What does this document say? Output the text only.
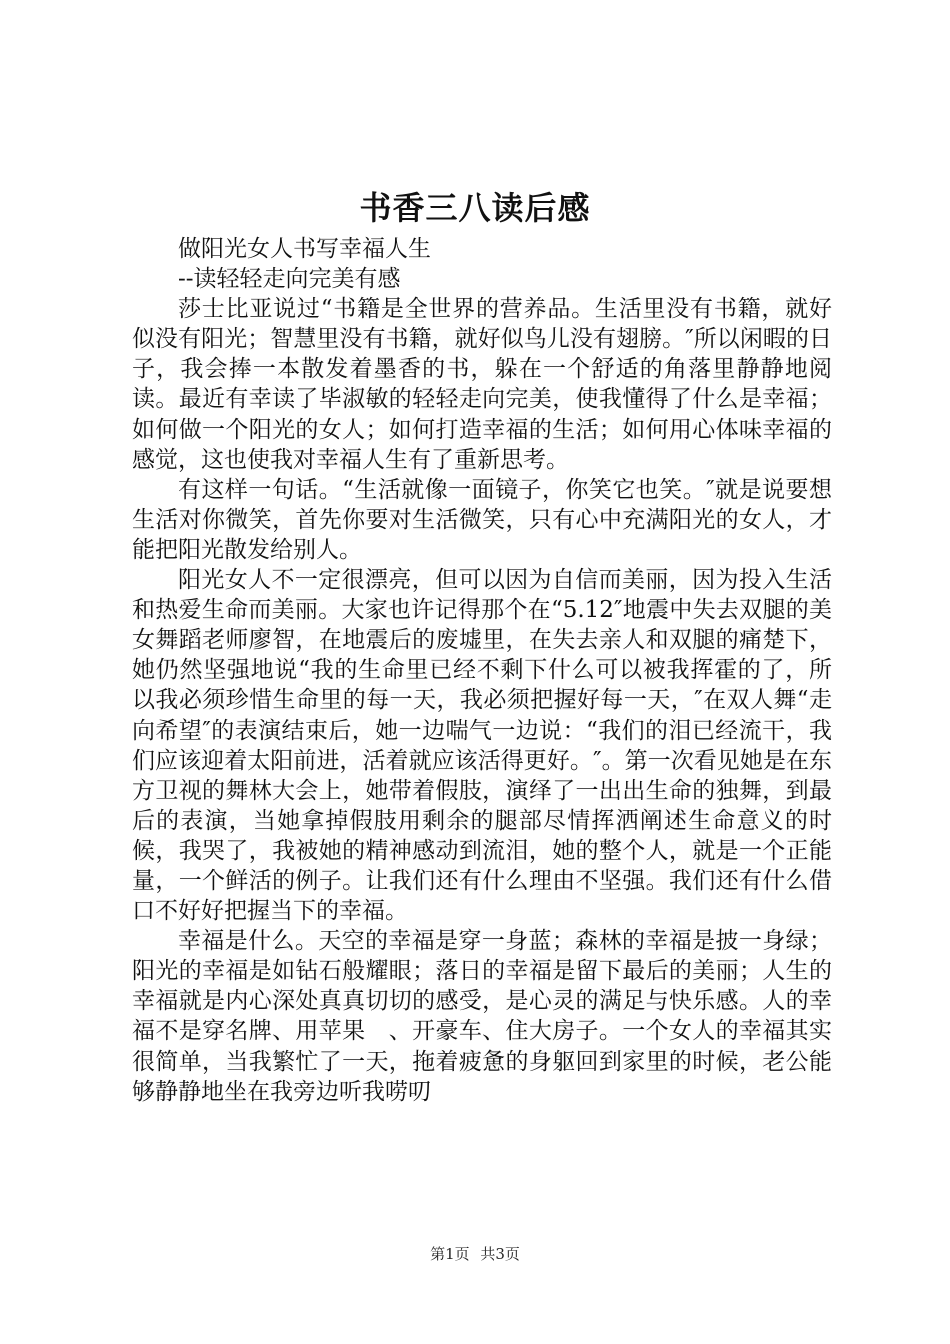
书香三八读后感
做阳光女人书写幸福人生
--读轻轻走向完美有感

莎士比亚说过“书籍是全世界的营养品。生活里没有书籍，就好似没有阳光；智慧里没有书籍，就好似鸟儿没有翅膀。″所以闲暇的日子，我会捧一本散发着墨香的书，躲在一个舒适的角落里静静地阅读。最近有幸读了毕淑敏的轻轻走向完美，使我懂得了什么是幸福；如何做一个阳光的女人；如何打造幸福的生活；如何用心体味幸福的感觉，这也使我对幸福人生有了重新思考。

有这样一句话。“生活就像一面镜子，你笑它也笑。″就是说要想生活对你微笑，首先你要对生活微笑，只有心中充满阳光的女人，才能把阳光散发给别人。

阳光女人不一定很漂亮，但可以因为自信而美丽，因为投入生活和热爱生命而美丽。大家也许记得那个在“5.12″地震中失去双腿的美女舞蹈老师廖智，在地震后的废墟里，在失去亲人和双腿的痛楚下，她仍然坚强地说“我的生命里已经不剩下什么可以被我挥霍的了，所以我必须珍惜生命里的每一天，我必须把握好每一天，″在双人舞“走向希望″的表演结束后，她一边喘气一边说：“我们的泪已经流干，我们应该迎着太阳前进，活着就应该活得更好。″。第一次看见她是在东方卫视的舞林大会上，她带着假肢，演绎了一出出生命的独舞，到最后的表演，当她拿掉假肢用剩余的腿部尽情挥洒阐述生命意义的时候，我哭了，我被她的精神感动到流泪，她的整个人，就是一个正能量，一个鲜活的例子。让我们还有什么理由不坚强。我们还有什么借口不好好把握当下的幸福。

幸福是什么。天空的幸福是穿一身蓝；森林的幸福是披一身绿；阳光的幸福是如钻石般耀眼；落日的幸福是留下最后的美丽；人生的幸福就是内心深处真真切切的感受，是心灵的满足与快乐感。人的幸福不是穿名牌、用苹果　、开豪车、住大房子。一个女人的幸福其实很简单，当我繁忙了一天，拖着疲惫的身躯回到家里的时候，老公能够静静地坐在我旁边听我唠叨

第1页 共3页
